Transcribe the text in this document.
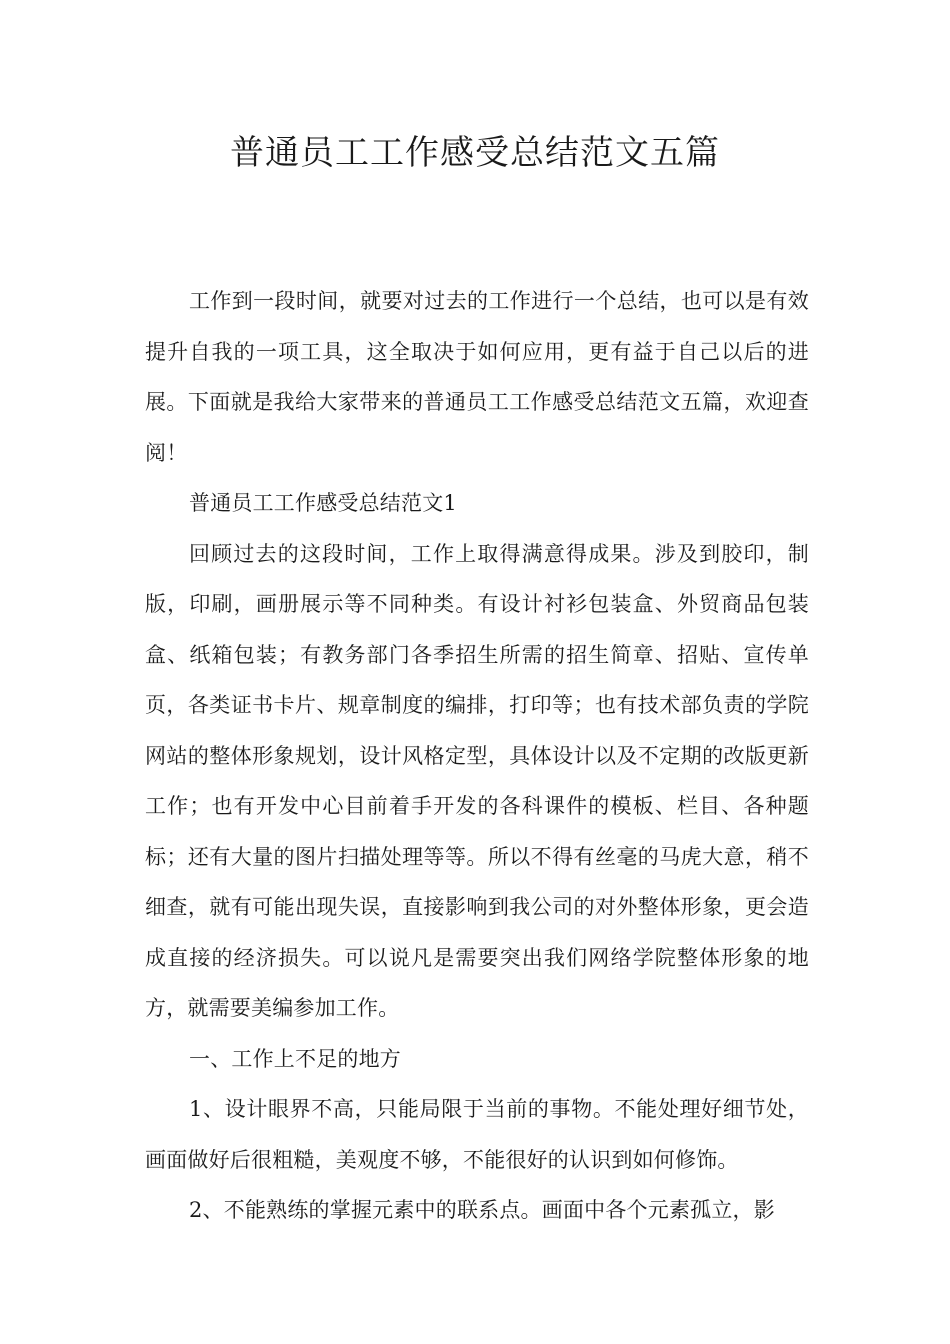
普通员工工作感受总结范文五篇

工作到一段时间，就要对过去的工作进行一个总结，也可以是有效提升自我的一项工具，这全取决于如何应用，更有益于自己以后的进展。下面就是我给大家带来的普通员工工作感受总结范文五篇，欢迎查阅！

普通员工工作感受总结范文1

回顾过去的这段时间，工作上取得满意得成果。涉及到胶印，制版，印刷，画册展示等不同种类。有设计衬衫包装盒、外贸商品包装盒、纸箱包装；有教务部门各季招生所需的招生简章、招贴、宣传单页，各类证书卡片、规章制度的编排，打印等；也有技术部负责的学院网站的整体形象规划，设计风格定型，具体设计以及不定期的改版更新工作；也有开发中心目前着手开发的各科课件的模板、栏目、各种题标；还有大量的图片扫描处理等等。所以不得有丝毫的马虎大意，稍不细查，就有可能出现失误，直接影响到我公司的对外整体形象，更会造成直接的经济损失。可以说凡是需要突出我们网络学院整体形象的地方，就需要美编参加工作。

一、工作上不足的地方

1、设计眼界不高，只能局限于当前的事物。不能处理好细节处，画面做好后很粗糙，美观度不够，不能很好的认识到如何修饰。

2、不能熟练的掌握元素中的联系点。画面中各个元素孤立，影
